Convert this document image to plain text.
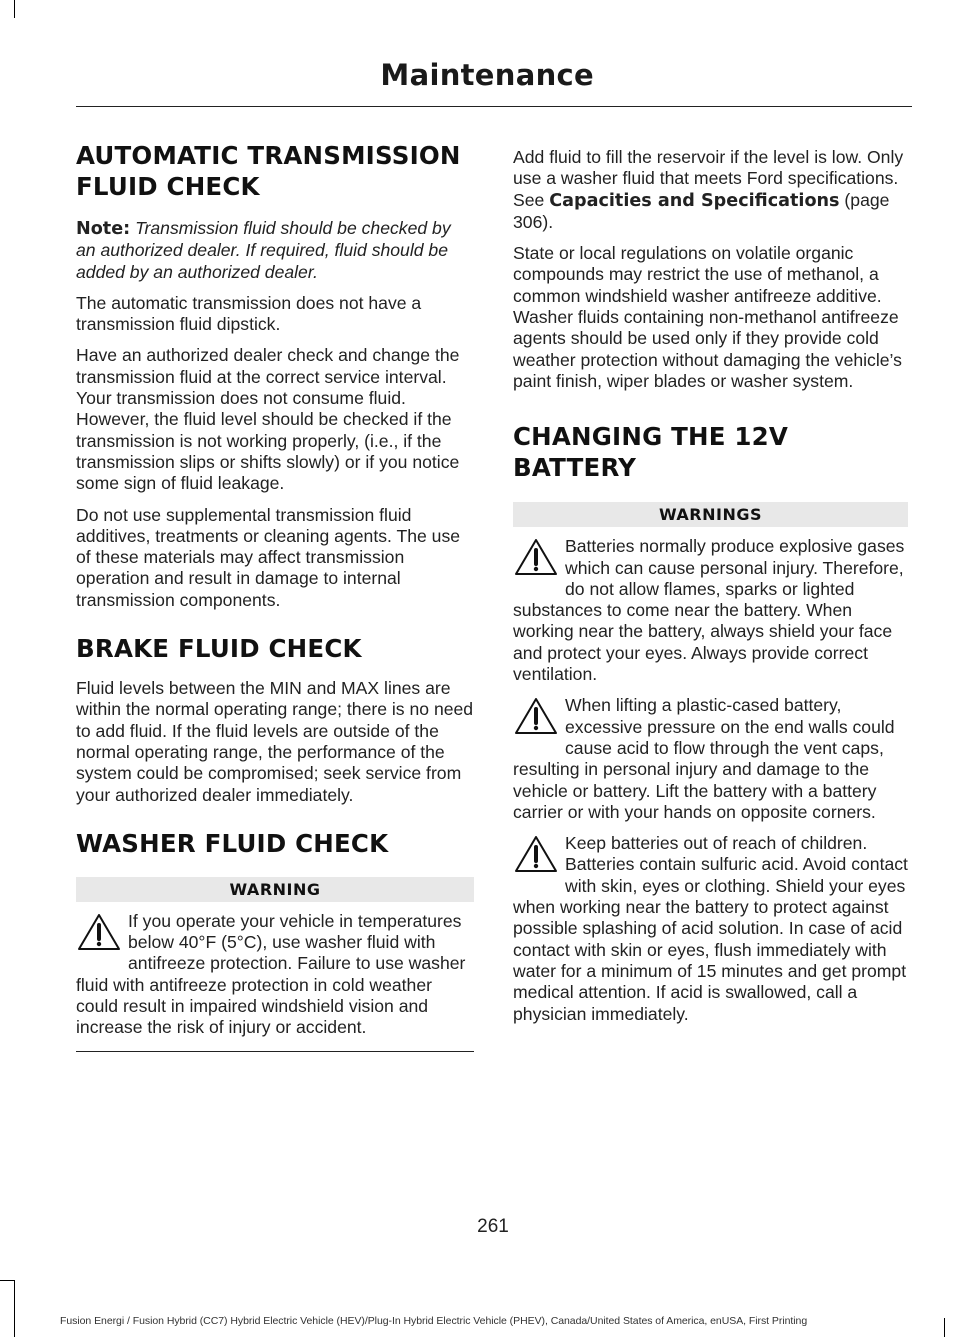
Maintenance
AUTOMATIC TRANSMISSION
FLUID CHECK

Note: Transmission fluid should be checked by an authorized dealer. If required, fluid should be added by an authorized dealer.

The automatic transmission does not have a transmission fluid dipstick.

Have an authorized dealer check and change the transmission fluid at the correct service interval. Your transmission does not consume fluid. However, the fluid level should be checked if the transmission is not working properly, (i.e., if the transmission slips or shifts slowly) or if you notice some sign of fluid leakage.

Do not use supplemental transmission fluid additives, treatments or cleaning agents. The use of these materials may affect transmission operation and result in damage to internal transmission components.

BRAKE FLUID CHECK

Fluid levels between the MIN and MAX lines are within the normal operating range; there is no need to add fluid. If the fluid levels are outside of the normal operating range, the performance of the system could be compromised; seek service from your authorized dealer immediately.

WASHER FLUID CHECK
WARNING

If you operate your vehicle in temperatures below 40°F (5°C), use washer fluid with antifreeze protection. Failure to use washer fluid with antifreeze protection in cold weather could result in impaired windshield vision and increase the risk of injury or accident.

Add fluid to fill the reservoir if the level is low. Only use a washer fluid that meets Ford specifications. See Capacities and Specifications (page 306).

State or local regulations on volatile organic compounds may restrict the use of methanol, a common windshield washer antifreeze additive. Washer fluids containing non-methanol antifreeze agents should be used only if they provide cold weather protection without damaging the vehicle’s paint finish, wiper blades or washer system.

CHANGING THE 12V BATTERY
WARNINGS

Batteries normally produce explosive gases which can cause personal injury. Therefore, do not allow flames, sparks or lighted substances to come near the battery. When working near the battery, always shield your face and protect your eyes. Always provide correct ventilation.

When lifting a plastic-cased battery, excessive pressure on the end walls could cause acid to flow through the vent caps, resulting in personal injury and damage to the vehicle or battery. Lift the battery with a battery carrier or with your hands on opposite corners.

Keep batteries out of reach of children. Batteries contain sulfuric acid. Avoid contact with skin, eyes or clothing. Shield your eyes when working near the battery to protect against possible splashing of acid solution. In case of acid contact with skin or eyes, flush immediately with water for a minimum of 15 minutes and get prompt medical attention. If acid is swallowed, call a physician immediately.

261
Fusion Energi / Fusion Hybrid (CC7) Hybrid Electric Vehicle (HEV)/Plug-In Hybrid Electric Vehicle (PHEV), Canada/United States of America, enUSA, First Printing
